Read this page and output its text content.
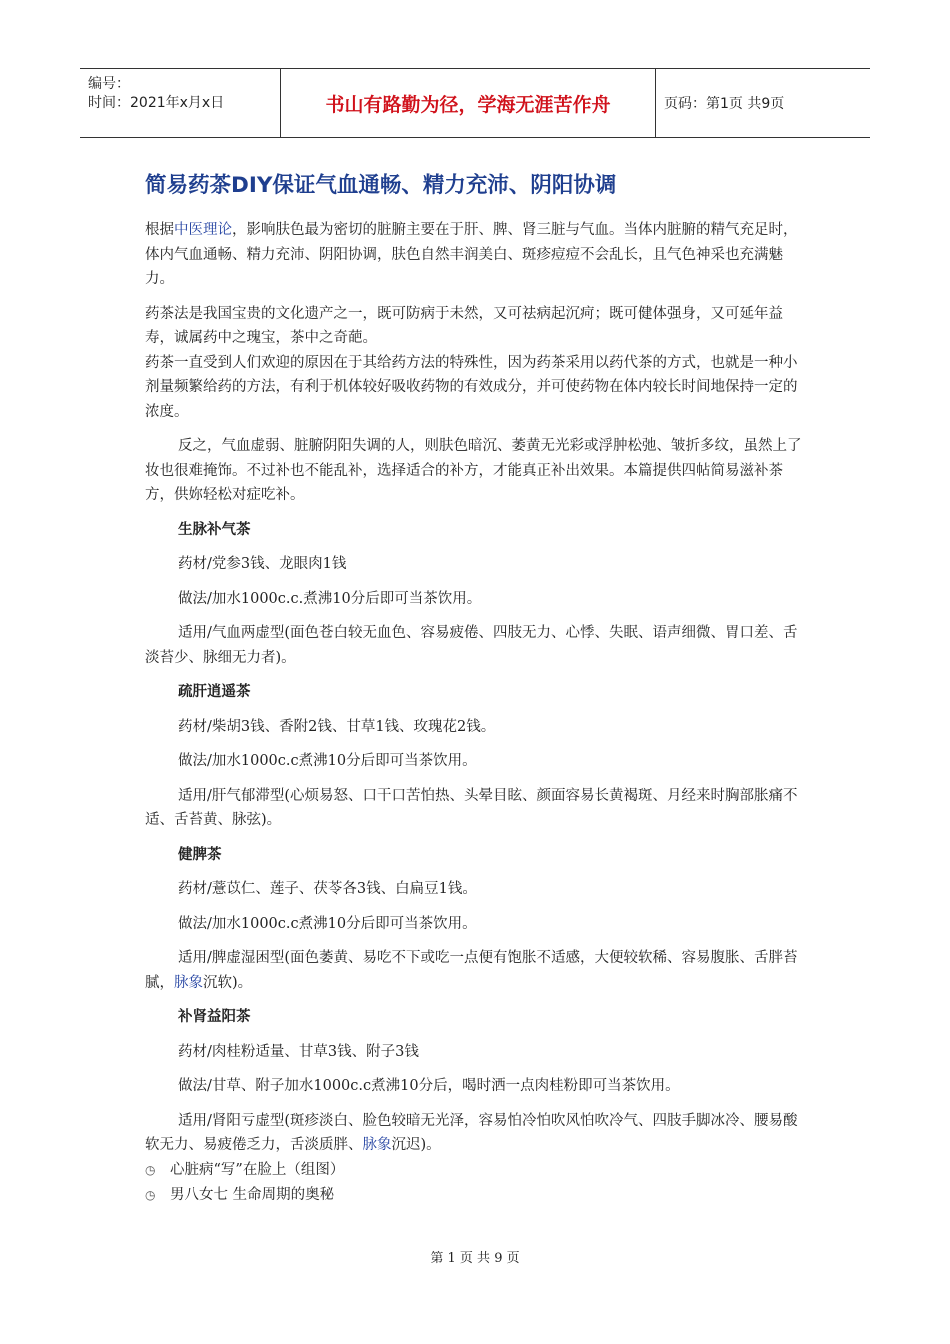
编号：
时间：2021年x月x日	书山有路勤为径，学海无涯苦作舟	页码：第1页 共9页
简易药茶DIY保证气血通畅、精力充沛、阴阳协调

根据中医理论，影响肤色最为密切的脏腑主要在于肝、脾、肾三脏与气血。当体内脏腑的精气充足时，体内气血通畅、精力充沛、阴阳协调，肤色自然丰润美白、斑疹痘痘不会乱长，且气色神采也充满魅力。

药茶法是我国宝贵的文化遗产之一，既可防病于未然，又可祛病起沉疴；既可健体强身，又可延年益寿，诚属药中之瑰宝，茶中之奇葩。

药茶一直受到人们欢迎的原因在于其给药方法的特殊性，因为药茶采用以药代茶的方式，也就是一种小剂量频繁给药的方法，有利于机体较好吸收药物的有效成分，并可使药物在体内较长时间地保持一定的浓度。

反之，气血虚弱、脏腑阴阳失调的人，则肤色暗沉、萎黄无光彩或浮肿松弛、皱折多纹，虽然上了妆也很难掩饰。不过补也不能乱补，选择适合的补方，才能真正补出效果。本篇提供四帖简易滋补茶方，供妳轻松对症吃补。

生脉补气茶

药材/党参3钱、龙眼肉1钱

做法/加水1000c.c.煮沸10分后即可当茶饮用。

适用/气血两虚型(面色苍白较无血色、容易疲倦、四肢无力、心悸、失眠、语声细微、胃口差、舌淡苔少、脉细无力者)。

疏肝逍遥茶

药材/柴胡3钱、香附2钱、甘草1钱、玫瑰花2钱。

做法/加水1000c.c煮沸10分后即可当茶饮用。

适用/肝气郁滞型(心烦易怒、口干口苦怕热、头晕目眩、颜面容易长黄褐斑、月经来时胸部胀痛不适、舌苔黄、脉弦)。

健脾茶

药材/薏苡仁、莲子、茯苓各3钱、白扁豆1钱。

做法/加水1000c.c煮沸10分后即可当茶饮用。

适用/脾虚湿困型(面色萎黄、易吃不下或吃一点便有饱胀不适感，大便较软稀、容易腹胀、舌胖苔腻，脉象沉软)。

补肾益阳茶

药材/肉桂粉适量、甘草3钱、附子3钱

做法/甘草、附子加水1000c.c煮沸10分后，喝时洒一点肉桂粉即可当茶饮用。

适用/肾阳亏虚型(斑疹淡白、脸色较暗无光泽，容易怕冷怕吹风怕吹冷气、四肢手脚冰冷、腰易酸软无力、易疲倦乏力，舌淡质胖、脉象沉迟)。

◷ 心脏病“写”在脸上（组图）
◷ 男八女七 生命周期的奥秘
第 1 页 共 9 页
